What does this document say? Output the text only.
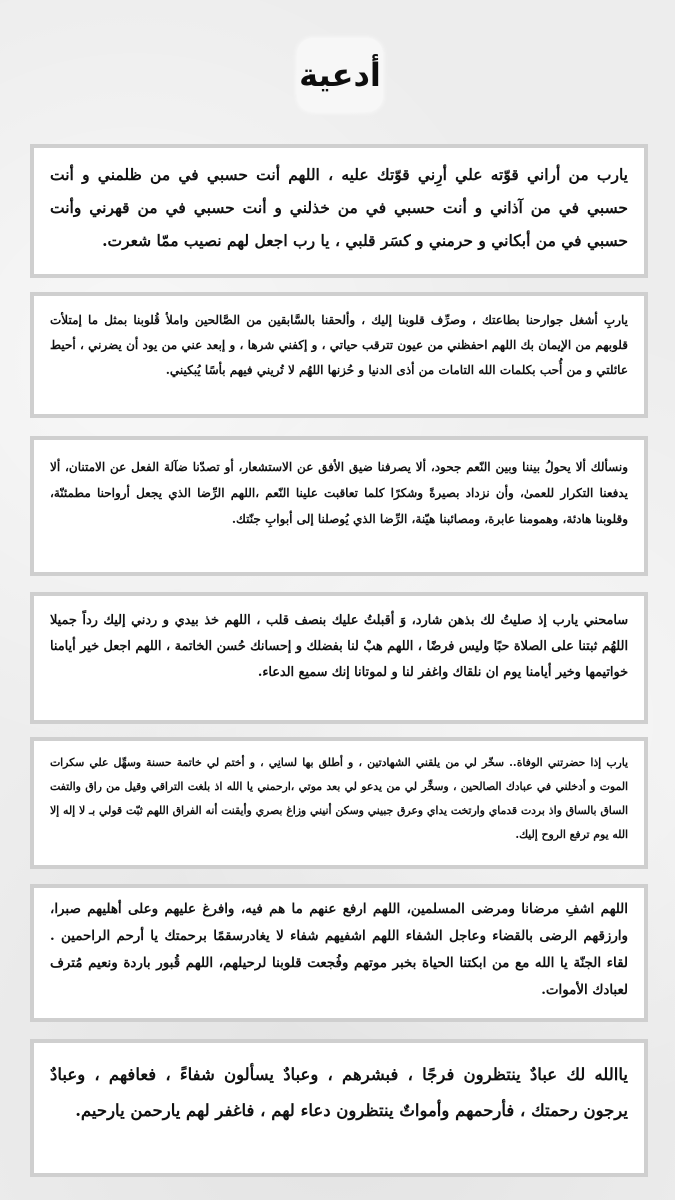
أدعية

يارب من أراني قوّته علي أرِني قوّتك عليه ، اللهم أنت حسبي في من ظلمني و أنت حسبي في من آذاني و أنت حسبي في من خذلني و أنت حسبي في من قهرني وأنت حسبي في من أبكاني و حرمني و كسَر قلبي ، يا رب اجعل لهم نصيب ممّا شعرت.

ياربِ أشغل جوارحنا بطاعتك ، وصرِّف قلوبنا إليك ، وألحقنا بالسَّابقين من الصَّالحين واملأ قُلوبنا بمثل ما إمتلأت قلوبهم من الإيمان بك اللهم احفظني من عيون تترقب حياتي ، و إكفني شرها ، و إبعد عني من يود أن يضرني ، أحيط عائلتي و من أُحب بكلمات الله التامات من أذى الدنيا و حُزنها اللهُم لا تُريني فيهم بأسًا يُبكيني.

ونسألك ألا يحولُ بيننا وبين النّعم جحود، ألا يصرفنا ضيق الأفق عن الاستشعار، أو تصدّنا ضآلة الفعل عن الامتنان، ألا يدفعنا التكرار للعمىٰ، وأن نزداد بصيرةً وشكرًا كلما تعاقبت علينا النّعم ،اللهم الرِّضا الذي يجعل أرواحنا مطمئنّة، وقلوبنا هادئة، وهمومنا عابرة، ومصائبنا هيّنة، الرِّضا الذي يُوصلنا إلى أبوابِ جنّتك.

سامحني يارب إذ صليتُ لك بذهن شارد، وَ أقبلتُ عليك بنصف قلب ، اللهم خذ بيدي و ردني إليك رداً جميلا اللهُم ثبتنا على الصلاة حبًا وليس فرضًا ، اللهم هبْ لنا بفضلك و إحسانك حُسن الخاتمة ، اللهم اجعل خير أيامنا خواتيمها وخير أيامنا يوم ان نلقاك واغفر لنا و لموتانا إنك سميع الدعاء.

يارب إذا حضرتني الوفاة.. سخّر لي من يلقني الشهادتين ، و أطلق بها لسانِي ، و أختم لي خاتمة حسنة وسهِّل علي سكرات الموت و أدخلني في عبادك الصالحين ، وسخِّر لي من يدعو لي بعد موتي ،ارحمني يا الله اذ بلغت التراقي وقيل من راق والتفت الساق بالساق واذ بردت قدماي وارتخت يداي وعرق جبيني وسكن أنيني وزاغ بصري وأيقنت أنه الفراق اللهم ثبّت قولي بـ لا إله إلا الله يوم ترفع الروح إليك.

اللهم اشفِ مرضانا ومرضى المسلمين، اللهم ارفع عنهم ما هم فيه، وافرغ عليهم وعلى أهليهم صبرا، وارزقهم الرضى بالقضاء وعاجل الشفاء اللهم اشفيهم شفاء لا يغادرسقمًا برحمتك يا أرحم الراحمين . لقاء الجنّة يا الله مع من ابكتنا الحياة بخبر موتهم وفُجعت قلوبنا لرحيلهم، اللهم قُبور باردة ونعيم مُترف لعبادك الأموات.

ياالله لك عبادٌ ينتظرون فرجًا ، فبشرهم ، وعبادٌ يسألون شفاءً ، فعافهم ، وعبادٌ يرجون رحمتك ، فأرحمهم وأمواتٌ ينتظرون دعاء لهم ، فاغفر لهم يارحمن يارحيم.
